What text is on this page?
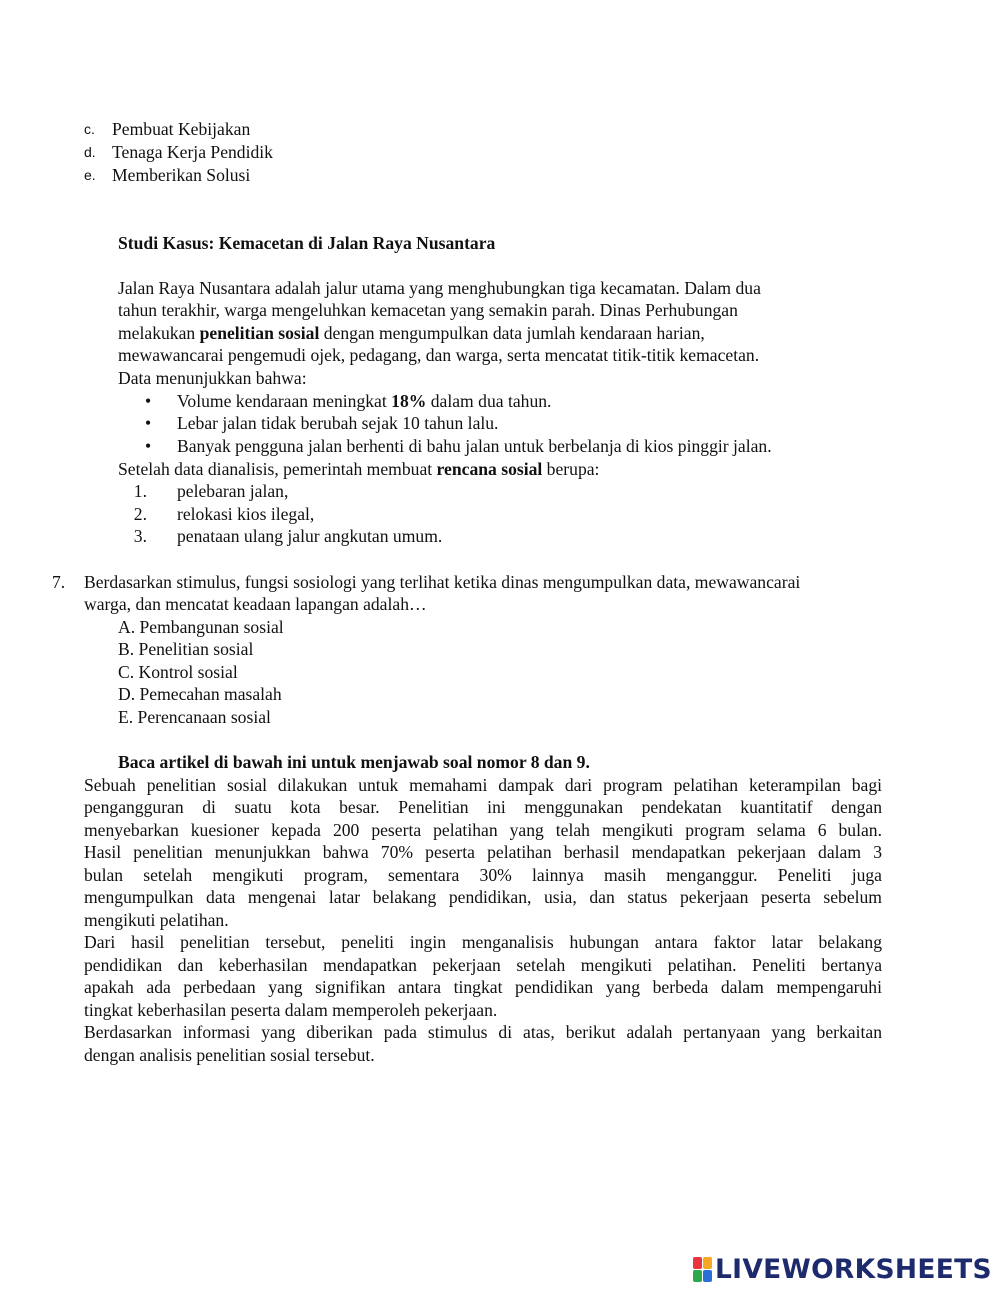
c. Pembuat Kebijakan
d. Tenaga Kerja Pendidik
e. Memberikan Solusi
Studi Kasus: Kemacetan di Jalan Raya Nusantara
Jalan Raya Nusantara adalah jalur utama yang menghubungkan tiga kecamatan. Dalam dua
tahun terakhir, warga mengeluhkan kemacetan yang semakin parah. Dinas Perhubungan
melakukan penelitian sosial dengan mengumpulkan data jumlah kendaraan harian,
mewawancarai pengemudi ojek, pedagang, dan warga, serta mencatat titik-titik kemacetan.
Data menunjukkan bahwa:
•	Volume kendaraan meningkat 18% dalam dua tahun.
•	Lebar jalan tidak berubah sejak 10 tahun lalu.
•	Banyak pengguna jalan berhenti di bahu jalan untuk berbelanja di kios pinggir jalan.
Setelah data dianalisis, pemerintah membuat rencana sosial berupa:
1. pelebaran jalan,
2. relokasi kios ilegal,
3. penataan ulang jalur angkutan umum.
7. Berdasarkan stimulus, fungsi sosiologi yang terlihat ketika dinas mengumpulkan data, mewawancarai
warga, dan mencatat keadaan lapangan adalah…
A. Pembangunan sosial
B. Penelitian sosial
C. Kontrol sosial
D. Pemecahan masalah
E. Perencanaan sosial
Baca artikel di bawah ini untuk menjawab soal nomor 8 dan 9.
Sebuah penelitian sosial dilakukan untuk memahami dampak dari program pelatihan keterampilan bagi
pengangguran di suatu kota besar. Penelitian ini menggunakan pendekatan kuantitatif dengan
menyebarkan kuesioner kepada 200 peserta pelatihan yang telah mengikuti program selama 6 bulan.
Hasil penelitian menunjukkan bahwa 70% peserta pelatihan berhasil mendapatkan pekerjaan dalam 3
bulan setelah mengikuti program, sementara 30% lainnya masih menganggur. Peneliti juga
mengumpulkan data mengenai latar belakang pendidikan, usia, dan status pekerjaan peserta sebelum
mengikuti pelatihan.
Dari hasil penelitian tersebut, peneliti ingin menganalisis hubungan antara faktor latar belakang
pendidikan dan keberhasilan mendapatkan pekerjaan setelah mengikuti pelatihan. Peneliti bertanya
apakah ada perbedaan yang signifikan antara tingkat pendidikan yang berbeda dalam mempengaruhi
tingkat keberhasilan peserta dalam memperoleh pekerjaan.
Berdasarkan informasi yang diberikan pada stimulus di atas, berikut adalah pertanyaan yang berkaitan
dengan analisis penelitian sosial tersebut.
LIVEWORKSHEETS
